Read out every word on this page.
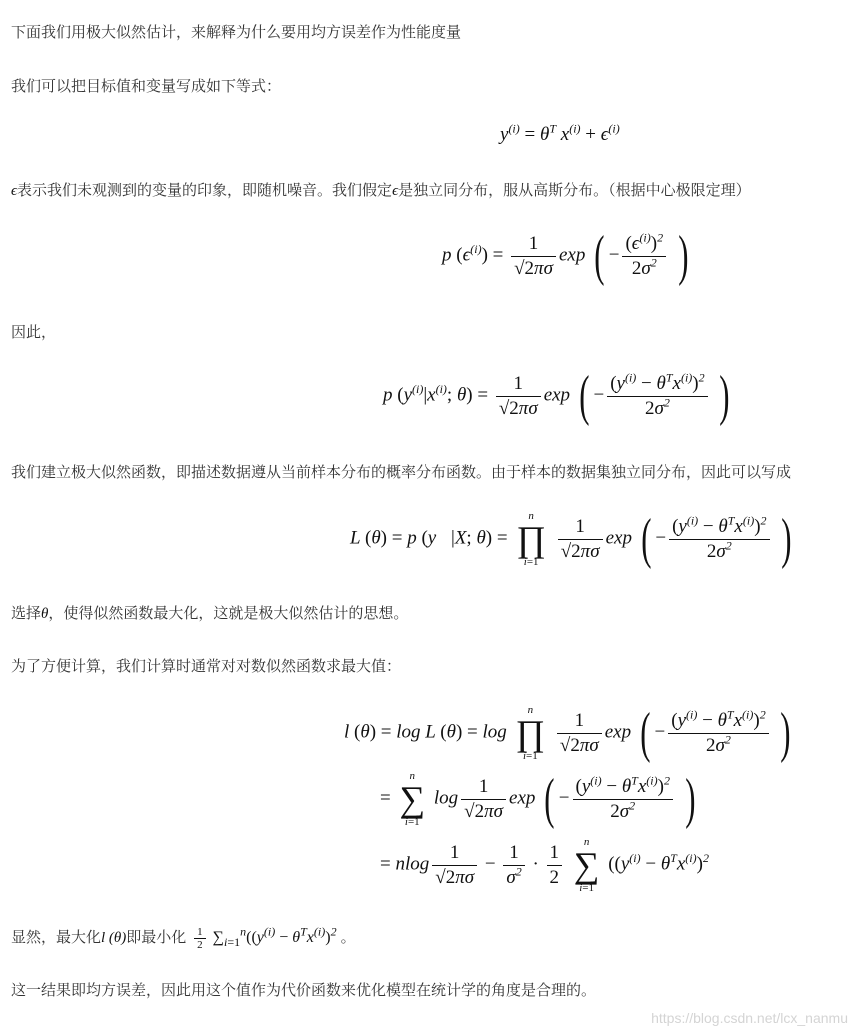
下面我们用极大似然估计，来解释为什么要用均方误差作为性能度量
我们可以把目标值和变量写成如下等式：
$y^{(i)} = \theta^T$ $x^{(i)} + \epsilon^{(i)}$
ϵ表示我们未观测到的变量的印象，即随机噪音。我们假定ϵ是独立同分布，服从高斯分布。（根据中心极限定理）
p $(\epsilon^{(i)}) = \frac{1}{√2\pi\sigma}$ exp ( − $\frac{(\epsilon^{(i)})^2}{2\sigma^2}$ )
因此，
p ($y^{(i)}|x^{(i)}$; $\theta) = \frac{1}{√2\pi\sigma}$ exp ( − $\frac{(y^{(i)} - \theta^Tx^{(i)})^2}{2\sigma^2}$ )
我们建立极大似然函数，即描述数据遵从当前样本分布的概率分布函数。由于样本的数据集独立同分布，因此可以写成
L (θ) = p (y⃗|X; θ) =
n
∏
i=1
	$\frac{1}{√2\pi\sigma}$ exp ( − $\frac{(y^{(i)} - \theta^Tx^{(i)})^2}{2\sigma^2}$ )
选择θ，使得似然函数最大化，这就是极大似然估计的思想。
为了方便计算，我们计算时通常对对数似然函数求最大值：
l (θ) = log L (θ) = log
n
∏
i=1
	$\frac{1}{√2\pi\sigma}$ exp ( − $\frac{(y^{(i)} - \theta^Tx^{(i)})^2}{2\sigma^2}$ )
=
n
∑
i=1
$\log \frac{1}{√2\pi\sigma}$ exp ( − $\frac{(y^{(i)} - \theta^Tx^{(i)})^2}{2\sigma^2}$ )
= nlog $\frac{1}{√2\pi\sigma} - \frac{1}{\sigma^2} \cdot \frac{1}{2}$
	n
∑
i=1
($(y^{(i)} - \theta^Tx^{(i)})^2$
显然，最大化l (θ)即最小化 $\frac{1}{2} \sum_{i=1}^n((y^{(i)} - \theta^Tx^{(i)})^2$ 。
这一结果即均方误差，因此用这个值作为代价函数来优化模型在统计学的角度是合理的。
https://blog.csdn.net/lcx_nanmu
